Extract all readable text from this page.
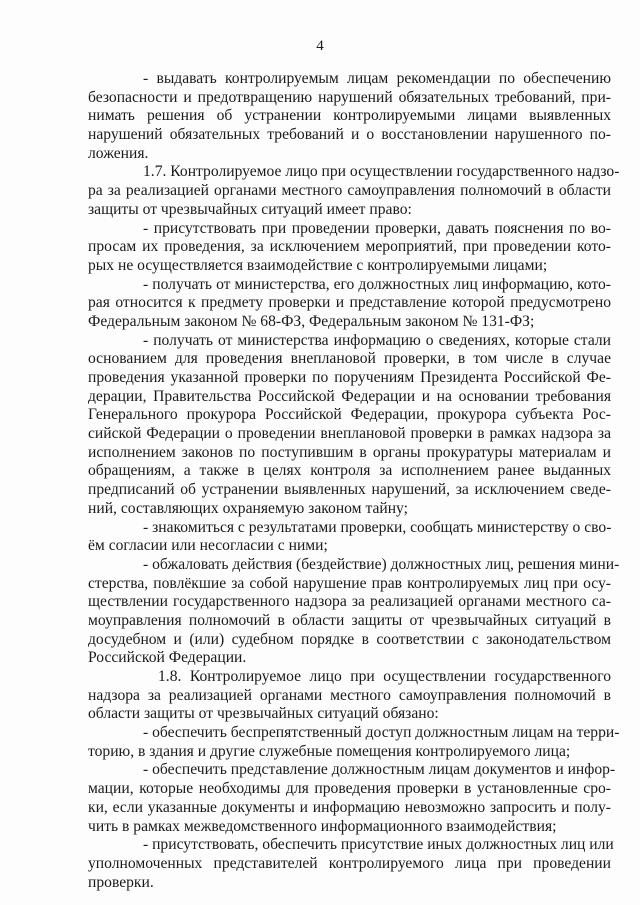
4
- выдавать контролируемым лицам рекомендации по обеспечению
безопасности и предотвращению нарушений обязательных требований, при-
нимать решения об устранении контролируемыми лицами выявленных
нарушений обязательных требований и о восстановлении нарушенного по-
ложения.
1.7. Контролируемое лицо при осуществлении государственного надзо-
ра за реализацией органами местного самоуправления полномочий в области
защиты от чрезвычайных ситуаций имеет право:
- присутствовать при проведении проверки, давать пояснения по во-
просам их проведения, за исключением мероприятий, при проведении кото-
рых не осуществляется взаимодействие с контролируемыми лицами;
- получать от министерства, его должностных лиц информацию, кото-
рая относится к предмету проверки и представление которой предусмотрено
Федеральным законом № 68-ФЗ, Федеральным законом № 131-ФЗ;
- получать от министерства информацию о сведениях, которые стали
основанием для проведения внеплановой проверки, в том числе в случае
проведения указанной проверки по поручениям Президента Российской Фе-
дерации, Правительства Российской Федерации и на основании требования
Генерального прокурора Российской Федерации, прокурора субъекта Рос-
сийской Федерации о проведении внеплановой проверки в рамках надзора за
исполнением законов по поступившим в органы прокуратуры материалам и
обращениям, а также в целях контроля за исполнением ранее выданных
предписаний об устранении выявленных нарушений, за исключением сведе-
ний, составляющих охраняемую законом тайну;
- знакомиться с результатами проверки, сообщать министерству о сво-
ём согласии или несогласии с ними;
- обжаловать действия (бездействие) должностных лиц, решения мини-
стерства, повлёкшие за собой нарушение прав контролируемых лиц при осу-
ществлении государственного надзора за реализацией органами местного са-
моуправления полномочий в области защиты от чрезвычайных ситуаций в
досудебном и (или) судебном порядке в соответствии с законодательством
Российской Федерации.
1.8. Контролируемое лицо при осуществлении государственного
надзора за реализацией органами местного самоуправления полномочий в
области защиты от чрезвычайных ситуаций обязано:
- обеспечить беспрепятственный доступ должностным лицам на терри-
торию, в здания и другие служебные помещения контролируемого лица;
- обеспечить представление должностным лицам документов и инфор-
мации, которые необходимы для проведения проверки в установленные сро-
ки, если указанные документы и информацию невозможно запросить и полу-
чить в рамках межведомственного информационного взаимодействия;
- присутствовать, обеспечить присутствие иных должностных лиц или
уполномоченных представителей контролируемого лица при проведении
проверки.
